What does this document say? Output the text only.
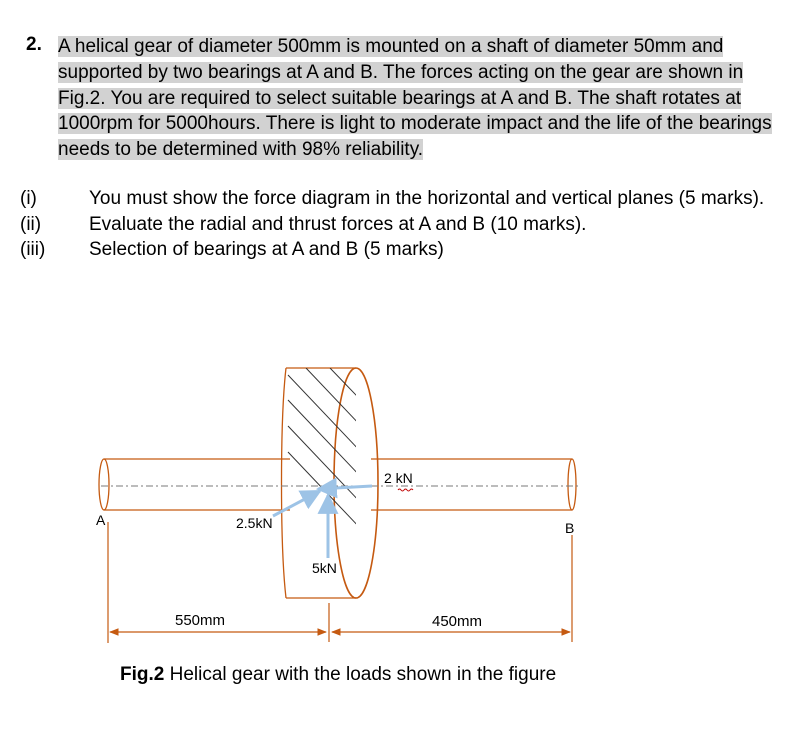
2. A helical gear of diameter 500mm is mounted on a shaft of diameter 50mm and supported by two bearings at A and B. The forces acting on the gear are shown in Fig.2. You are required to select suitable bearings at A and B. The shaft rotates at 1000rpm for 5000hours. There is light to moderate impact and the life of the bearings needs to be determined with 98% reliability.
(i)	You must show the force diagram in the horizontal and vertical planes (5 marks).
(ii)	Evaluate the radial and thrust forces at A and B (10 marks).
(iii)	Selection of bearings at A and B (5 marks)
A	B
2 kN
2.5kN
5kN
550mm	450mm
Fig.2 Helical gear with the loads shown in the figure
